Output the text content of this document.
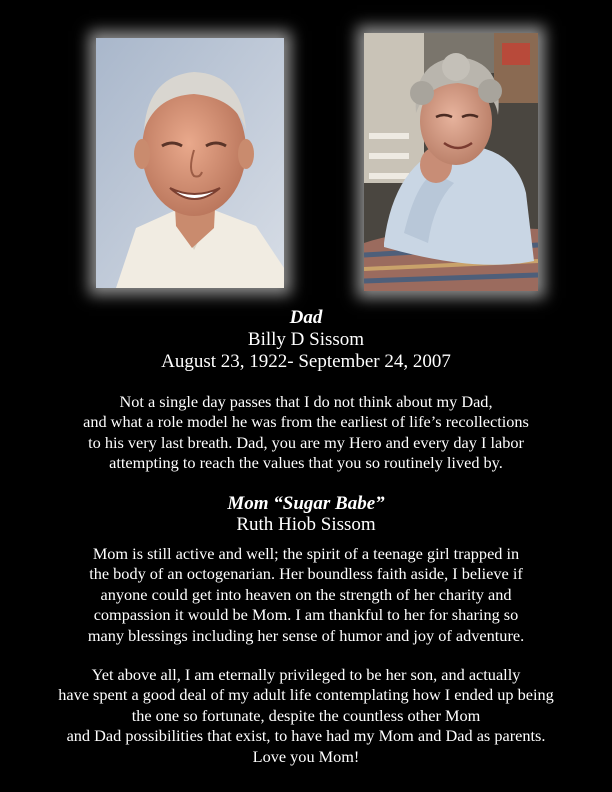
Dad

Billy D Sissom

August 23, 1922- September 24, 2007

Not a single day passes that I do not think about my Dad,
and what a role model he was from the earliest of life’s recollections
to his very last breath. Dad, you are my Hero and every day I labor
attempting to reach the values that you so routinely lived by.

Mom “Sugar Babe”

Ruth Hiob Sissom

Mom is still active and well; the spirit of a teenage girl trapped in
the body of an octogenarian. Her boundless faith aside, I believe if
anyone could get into heaven on the strength of her charity and
compassion it would be Mom. I am thankful to her for sharing so
many blessings including her sense of humor and joy of adventure.
Yet above all, I am eternally privileged to be her son, and actually
have spent a good deal of my adult life contemplating how I ended up being
the one so fortunate, despite the countless other Mom
and Dad possibilities that exist, to have had my Mom and Dad as parents.
Love you Mom!
